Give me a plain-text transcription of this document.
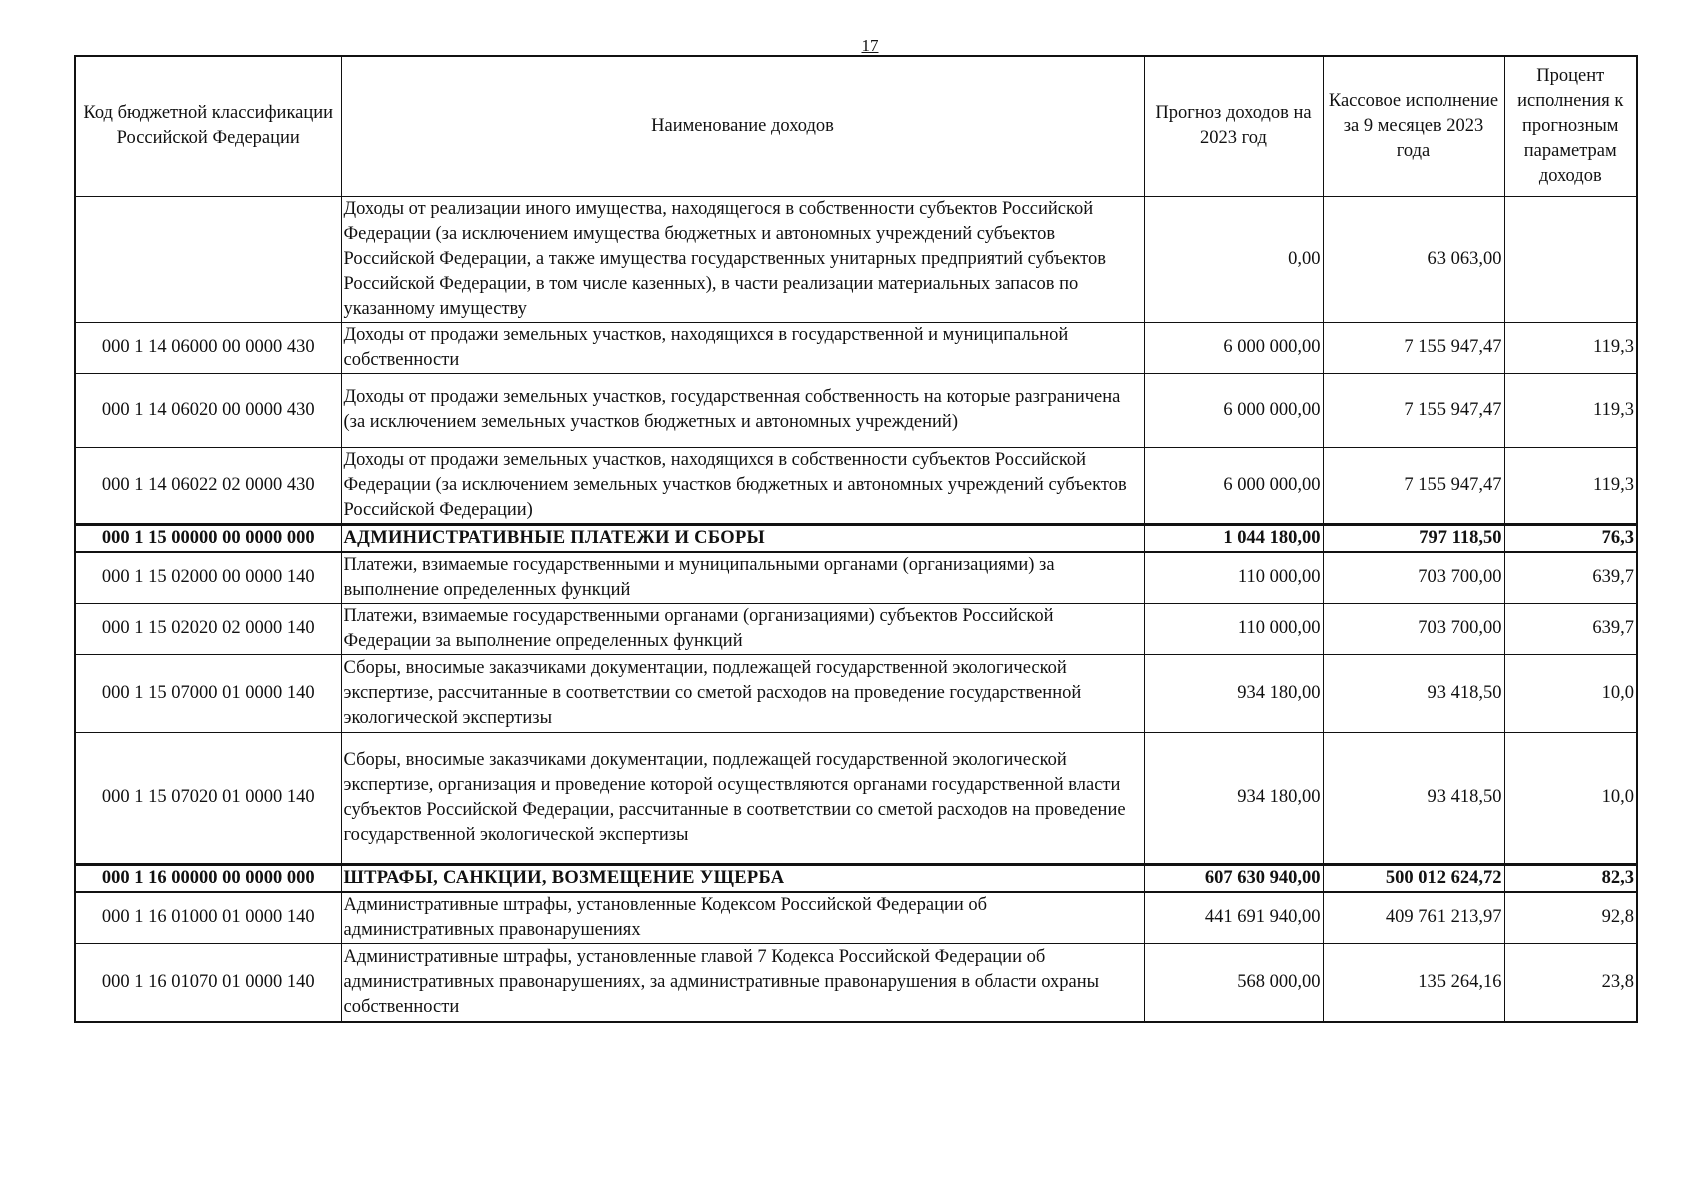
17
Код бюджетной классификации Российской Федерации	Наименование доходов	Прогноз доходов на 2023 год	Кассовое исполнение за 9 месяцев 2023 года	Процент исполнения к прогнозным параметрам доходов
	Доходы от реализации иного имущества, находящегося в собственности субъектов Российской Федерации (за исключением имущества бюджетных и автономных учреждений субъектов Российской Федерации, а также имущества государственных унитарных предприятий субъектов Российской Федерации, в том числе казенных), в части реализации материальных запасов по указанному имуществу	0,00	63 063,00	
000 1 14 06000 00 0000 430	Доходы от продажи земельных участков, находящихся в государственной и муниципальной собственности	6 000 000,00	7 155 947,47	119,3
000 1 14 06020 00 0000 430	Доходы от продажи земельных участков, государственная собственность на которые разграничена (за исключением земельных участков бюджетных и автономных учреждений)	6 000 000,00	7 155 947,47	119,3
000 1 14 06022 02 0000 430	Доходы от продажи земельных участков, находящихся в собственности субъектов Российской Федерации (за исключением земельных участков бюджетных и автономных учреждений субъектов Российской Федерации)	6 000 000,00	7 155 947,47	119,3
000 1 15 00000 00 0000 000	АДМИНИСТРАТИВНЫЕ ПЛАТЕЖИ И СБОРЫ	1 044 180,00	797 118,50	76,3
000 1 15 02000 00 0000 140	Платежи, взимаемые государственными и муниципальными органами (организациями) за выполнение определенных функций	110 000,00	703 700,00	639,7
000 1 15 02020 02 0000 140	Платежи, взимаемые государственными органами (организациями) субъектов Российской Федерации за выполнение определенных функций	110 000,00	703 700,00	639,7
000 1 15 07000 01 0000 140	Сборы, вносимые заказчиками документации, подлежащей государственной экологической экспертизе, рассчитанные в соответствии со сметой расходов на проведение государственной экологической экспертизы	934 180,00	93 418,50	10,0
000 1 15 07020 01 0000 140	Сборы, вносимые заказчиками документации, подлежащей государственной экологической экспертизе, организация и проведение которой осуществляются органами государственной власти субъектов Российской Федерации, рассчитанные в соответствии со сметой расходов на проведение государственной экологической экспертизы	934 180,00	93 418,50	10,0
000 1 16 00000 00 0000 000	ШТРАФЫ, САНКЦИИ, ВОЗМЕЩЕНИЕ УЩЕРБА	607 630 940,00	500 012 624,72	82,3
000 1 16 01000 01 0000 140	Административные штрафы, установленные Кодексом Российской Федерации об административных правонарушениях	441 691 940,00	409 761 213,97	92,8
000 1 16 01070 01 0000 140	Административные штрафы, установленные главой 7 Кодекса Российской Федерации об административных правонарушениях, за административные правонарушения в области охраны собственности	568 000,00	135 264,16	23,8
